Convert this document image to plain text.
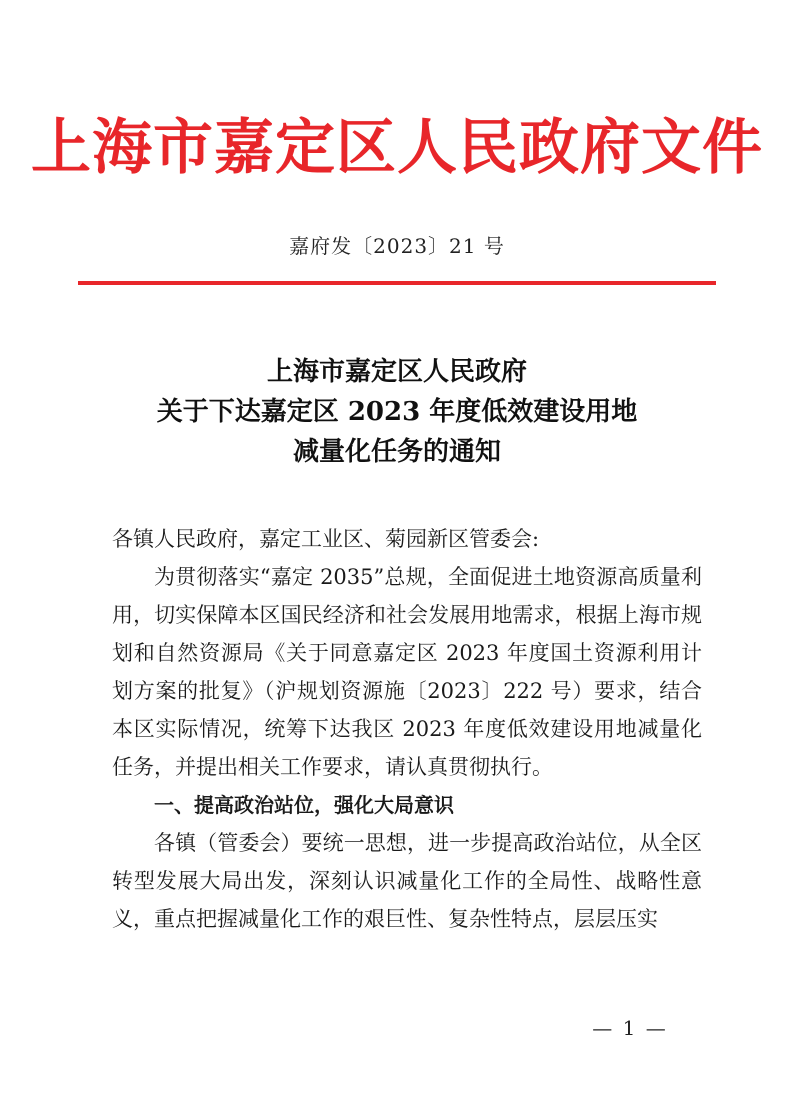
上海市嘉定区人民政府文件
嘉府发〔2023〕21 号
上海市嘉定区人民政府
关于下达嘉定区 2023 年度低效建设用地
减量化任务的通知
各镇人民政府，嘉定工业区、菊园新区管委会:
为贯彻落实“嘉定 2035”总规，全面促进土地资源高质量利用，切实保障本区国民经济和社会发展用地需求，根据上海市规划和自然资源局《关于同意嘉定区 2023 年度国土资源利用计划方案的批复》（沪规划资源施〔2023〕222 号）要求，结合本区实际情况，统筹下达我区 2023 年度低效建设用地减量化任务，并提出相关工作要求，请认真贯彻执行。
一、提高政治站位，强化大局意识
各镇（管委会）要统一思想，进一步提高政治站位，从全区转型发展大局出发，深刻认识减量化工作的全局性、战略性意义，重点把握减量化工作的艰巨性、复杂性特点，层层压实
— 1 —
